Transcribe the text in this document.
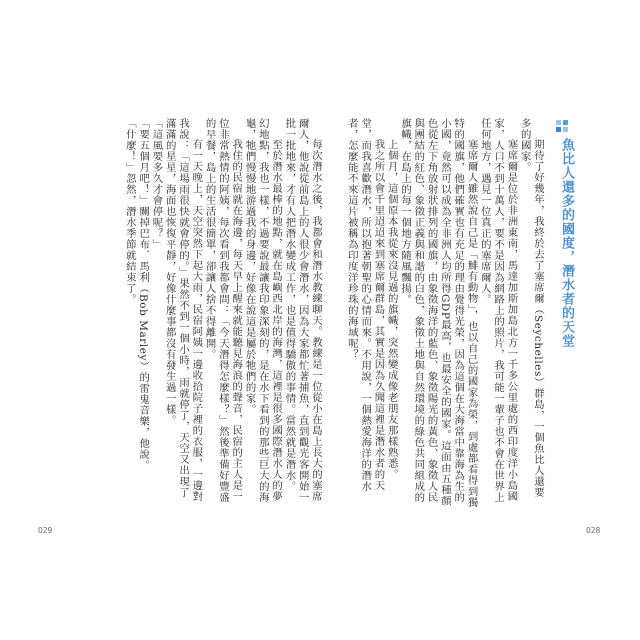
每次潛水之後，我都會和潛水教練聊天。教練是一位從小在島上長大的塞席爾人，他說從前島上的人很少會潛水，因為大家都忙著捕魚，直到觀光客開始一批一批地來，才有人把潛水變成工作，也是值得驕傲的事情。當然就是潛水。

至於潛水最棒的地點，就在島嶼西北岸的海灣，這裡是很多國際潛水人的夢幻地點，我也一樣，不過要說最讓我印象深刻的，是在水下看到的那些巨大的海龜，牠們慢慢地游過我的身邊，好像在說這是屬於牠們的家。

我住的民宿就在海邊，每天早上醒來就能聽見海浪的聲音，民宿的主人是一位非常熱情的阿姨，每次看到我都會問：「今天潛得怎麼樣？」然後準備好豐盛的早餐，島上的生活很簡單，卻讓人捨不得離開。

有一天晚上，天空突然下起大雨，民宿阿姨一邊收拾院子裡的衣服，一邊對我說：「這場雨很快就會停的。」果然不到一個小時，雨就停了，天空又出現了滿滿的星星，海面也恢復平靜，好像什麼事都沒有發生過一樣。

「這風要多久才會停呢？」

「要五個月吧！」關掉巴布．馬利（Bob Marley）的雷鬼音樂，他說。

「什麼！」忽然，潛水季節就結束了。	魚比人還多的國度，潛水者的天堂

期待了好幾年，我終於去了塞席爾（Seychelles）群島，一個魚比人還要多的國家。

塞席爾是位於非洲東南，馬達加斯加島北方一千多公里處的西印度洋小島國家，人口不到十萬人，要不是因為網路上的照片，我可能一輩子也不會在世界上任何地方，遇見一位真正的塞席爾人。

塞席爾人雖然說自己是「鯡有動物」，也以自己的國家為榮，到處都看得到獨特的國旗，他們確實也有充足的理由覺得光榮，因為這個在大海當中靠海為生的小國，竟然可以成為全非洲人均所得GDP最高，也最安全的國家。這面由五種顏色從左下角放射狀排列的國旗，由象徵海洋的藍色、象徵陽光的黃色、象徵人民與團結的紅色、象徵正義與和諧的白色，象徵土地與自然環境的綠色共同組成的旗幟，在島上的每一個地方隨風飄揚。

上個月，這個原本我從來沒見過的旗幟，突然變成像老朋友那樣熟悉。

我之所以會千里迢迢來到塞席爾群島，其實是因為久聞這裡是潛水者的天堂，而我喜歡潛水，所以抱著朝聖的心情而來。不用說，一個熱愛海洋的潛水者，怎麼能不來這片被稱為印度洋珍珠的海域呢？

029	028
